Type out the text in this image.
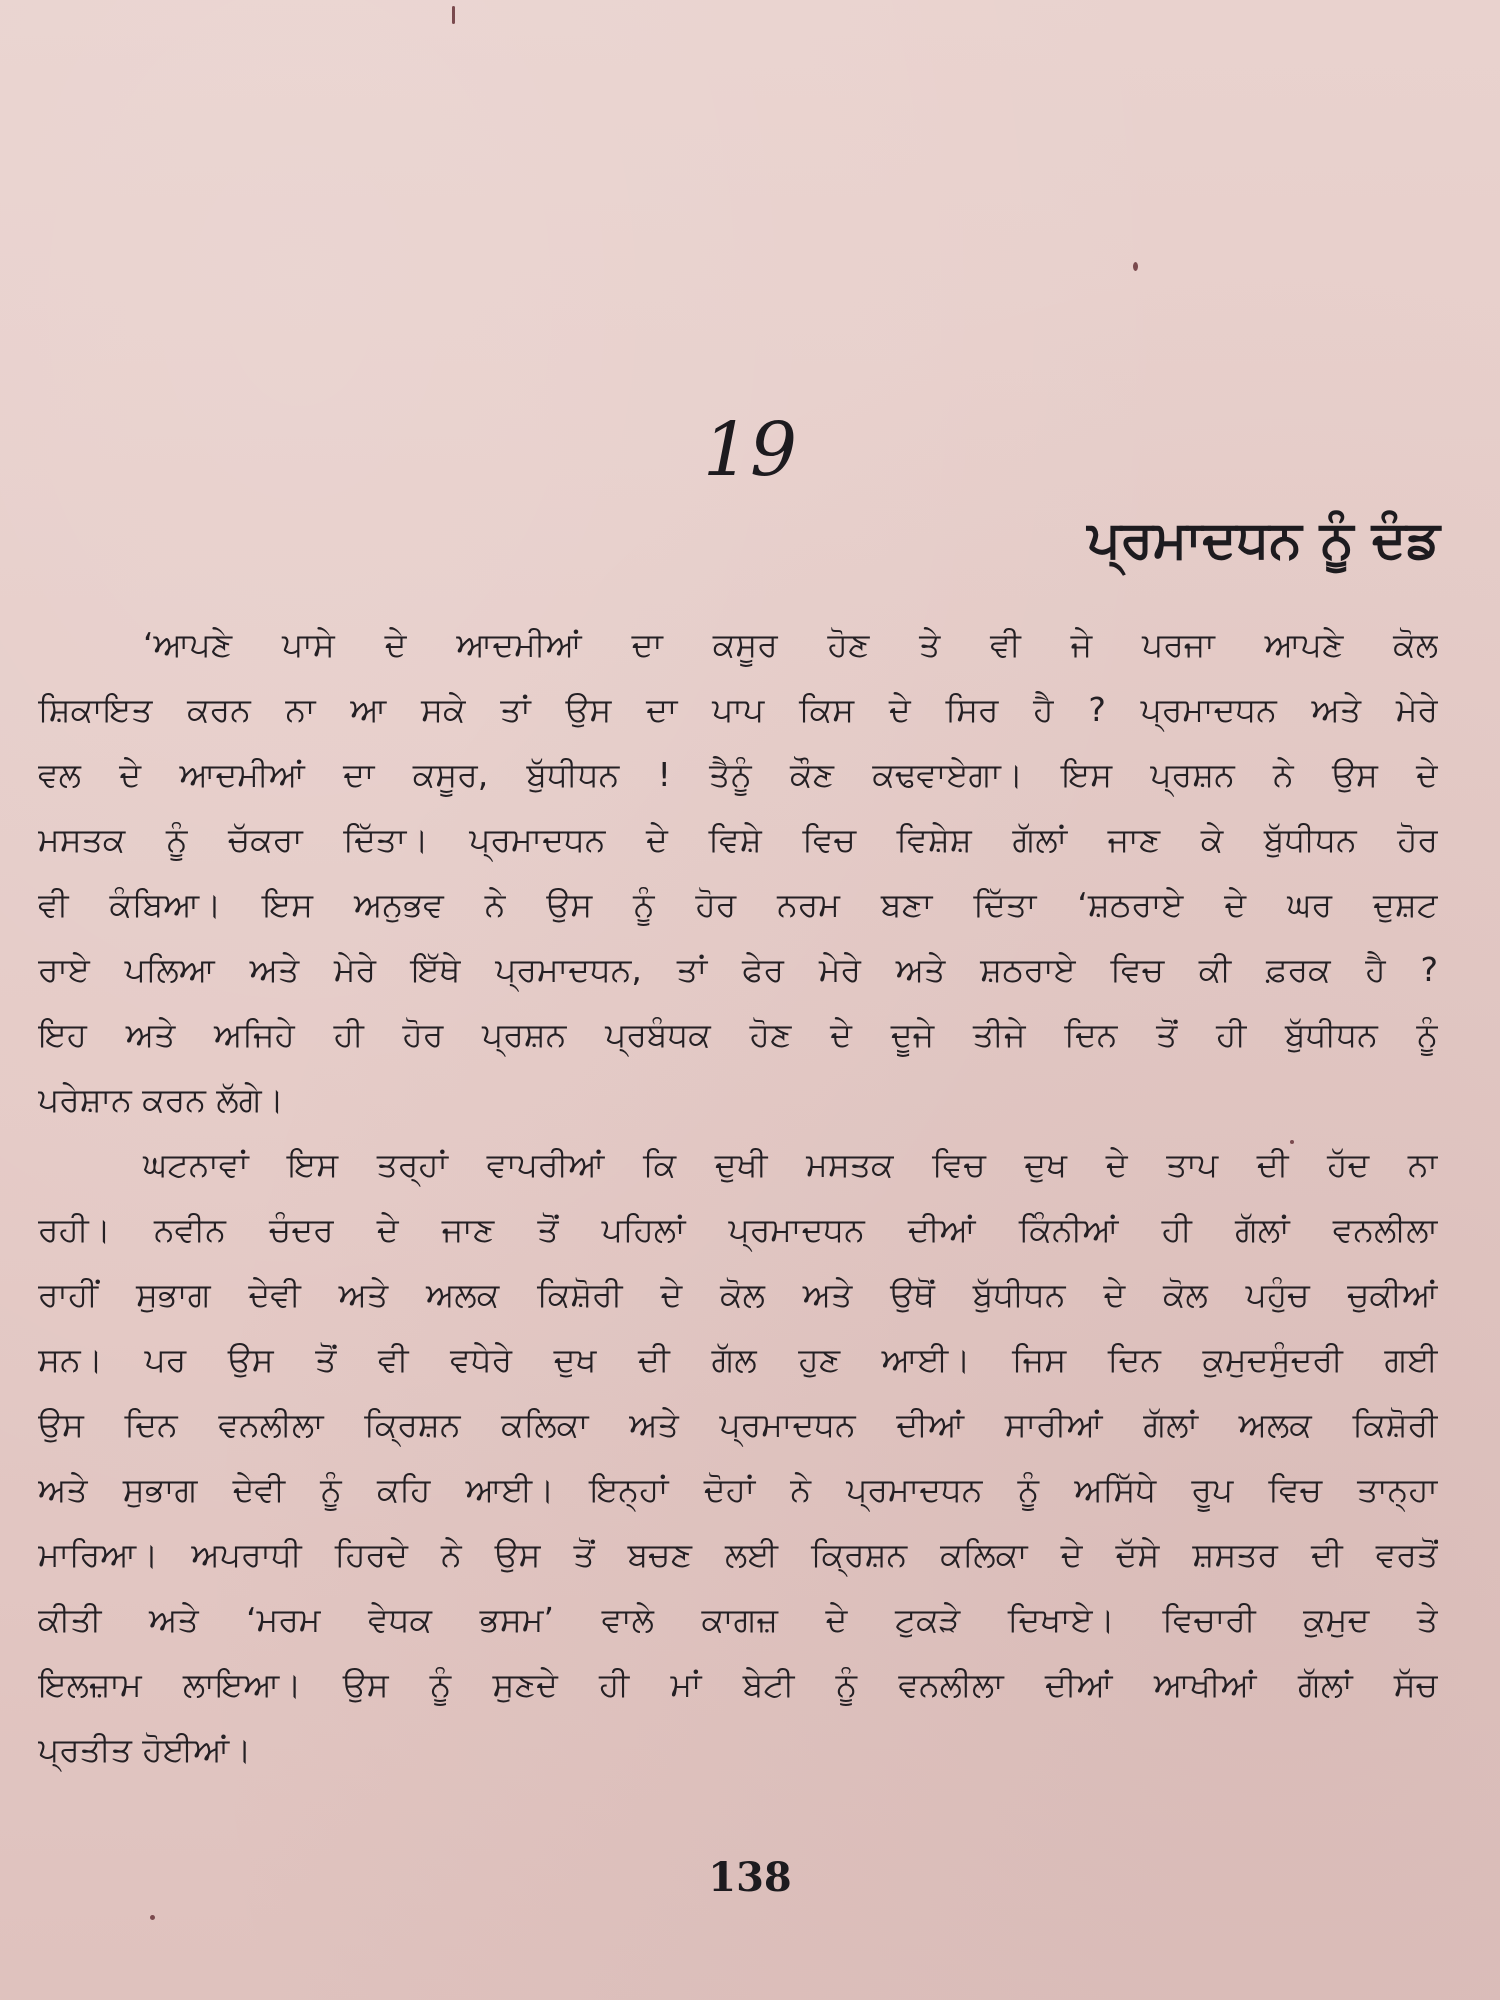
19
ਪ੍ਰਮਾਦਧਨ ਨੂੰ ਦੰਡ
‘ਆਪਣੇ ਪਾਸੇ ਦੇ ਆਦਮੀਆਂ ਦਾ ਕਸੂਰ ਹੋਣ ਤੇ ਵੀ ਜੇ ਪਰਜਾ ਆਪਣੇ ਕੋਲ
ਸ਼ਿਕਾਇਤ ਕਰਨ ਨਾ ਆ ਸਕੇ ਤਾਂ ਉਸ ਦਾ ਪਾਪ ਕਿਸ ਦੇ ਸਿਰ ਹੈ ? ਪ੍ਰਮਾਦਧਨ ਅਤੇ ਮੇਰੇ
ਵਲ ਦੇ ਆਦਮੀਆਂ ਦਾ ਕਸੂਰ, ਬੁੱਧੀਧਨ ! ਤੈਨੂੰ ਕੌਣ ਕਢਵਾਏਗਾ। ਇਸ ਪ੍ਰਸ਼ਨ ਨੇ ਉਸ ਦੇ
ਮਸਤਕ ਨੂੰ ਚੱਕਰਾ ਦਿੱਤਾ। ਪ੍ਰਮਾਦਧਨ ਦੇ ਵਿਸ਼ੇ ਵਿਚ ਵਿਸ਼ੇਸ਼ ਗੱਲਾਂ ਜਾਣ ਕੇ ਬੁੱਧੀਧਨ ਹੋਰ
ਵੀ ਕੰਬਿਆ। ਇਸ ਅਨੁਭਵ ਨੇ ਉਸ ਨੂੰ ਹੋਰ ਨਰਮ ਬਣਾ ਦਿੱਤਾ ‘ਸ਼ਠਰਾਏ ਦੇ ਘਰ ਦੁਸ਼ਟ
ਰਾਏ ਪਲਿਆ ਅਤੇ ਮੇਰੇ ਇੱਥੇ ਪ੍ਰਮਾਦਧਨ, ਤਾਂ ਫੇਰ ਮੇਰੇ ਅਤੇ ਸ਼ਠਰਾਏ ਵਿਚ ਕੀ ਫ਼ਰਕ ਹੈ ?
ਇਹ ਅਤੇ ਅਜਿਹੇ ਹੀ ਹੋਰ ਪ੍ਰਸ਼ਨ ਪ੍ਰਬੰਧਕ ਹੋਣ ਦੇ ਦੂਜੇ ਤੀਜੇ ਦਿਨ ਤੋਂ ਹੀ ਬੁੱਧੀਧਨ ਨੂੰ
ਪਰੇਸ਼ਾਨ ਕਰਨ ਲੱਗੇ।
ਘਟਨਾਵਾਂ ਇਸ ਤਰ੍ਹਾਂ ਵਾਪਰੀਆਂ ਕਿ ਦੁਖੀ ਮਸਤਕ ਵਿਚ ਦੁਖ ਦੇ ਤਾਪ ਦੀ ਹੱਦ ਨਾ
ਰਹੀ। ਨਵੀਨ ਚੰਦਰ ਦੇ ਜਾਣ ਤੋਂ ਪਹਿਲਾਂ ਪ੍ਰਮਾਦਧਨ ਦੀਆਂ ਕਿੰਨੀਆਂ ਹੀ ਗੱਲਾਂ ਵਨਲੀਲਾ
ਰਾਹੀਂ ਸੁਭਾਗ ਦੇਵੀ ਅਤੇ ਅਲਕ ਕਿਸ਼ੋਰੀ ਦੇ ਕੋਲ ਅਤੇ ਉਥੋਂ ਬੁੱਧੀਧਨ ਦੇ ਕੋਲ ਪਹੁੰਚ ਚੁਕੀਆਂ
ਸਨ। ਪਰ ਉਸ ਤੋਂ ਵੀ ਵਧੇਰੇ ਦੁਖ ਦੀ ਗੱਲ ਹੁਣ ਆਈ। ਜਿਸ ਦਿਨ ਕੁਮੁਦਸੁੰਦਰੀ ਗਈ
ਉਸ ਦਿਨ ਵਨਲੀਲਾ ਕ੍ਰਿਸ਼ਨ ਕਲਿਕਾ ਅਤੇ ਪ੍ਰਮਾਦਧਨ ਦੀਆਂ ਸਾਰੀਆਂ ਗੱਲਾਂ ਅਲਕ ਕਿਸ਼ੋਰੀ
ਅਤੇ ਸੁਭਾਗ ਦੇਵੀ ਨੂੰ ਕਹਿ ਆਈ। ਇਨ੍ਹਾਂ ਦੋਹਾਂ ਨੇ ਪ੍ਰਮਾਦਧਨ ਨੂੰ ਅਸਿੱਧੇ ਰੂਪ ਵਿਚ ਤਾਨ੍ਹਾ
ਮਾਰਿਆ। ਅਪਰਾਧੀ ਹਿਰਦੇ ਨੇ ਉਸ ਤੋਂ ਬਚਣ ਲਈ ਕ੍ਰਿਸ਼ਨ ਕਲਿਕਾ ਦੇ ਦੱਸੇ ਸ਼ਸਤਰ ਦੀ ਵਰਤੋਂ
ਕੀਤੀ ਅਤੇ ‘ਮਰਮ ਵੇਧਕ ਭਸਮ’ ਵਾਲੇ ਕਾਗਜ਼ ਦੇ ਟੁਕੜੇ ਦਿਖਾਏ। ਵਿਚਾਰੀ ਕੁਮੁਦ ਤੇ
ਇਲਜ਼ਾਮ ਲਾਇਆ। ਉਸ ਨੂੰ ਸੁਣਦੇ ਹੀ ਮਾਂ ਬੇਟੀ ਨੂੰ ਵਨਲੀਲਾ ਦੀਆਂ ਆਖੀਆਂ ਗੱਲਾਂ ਸੱਚ
ਪ੍ਰਤੀਤ ਹੋਈਆਂ।
138
